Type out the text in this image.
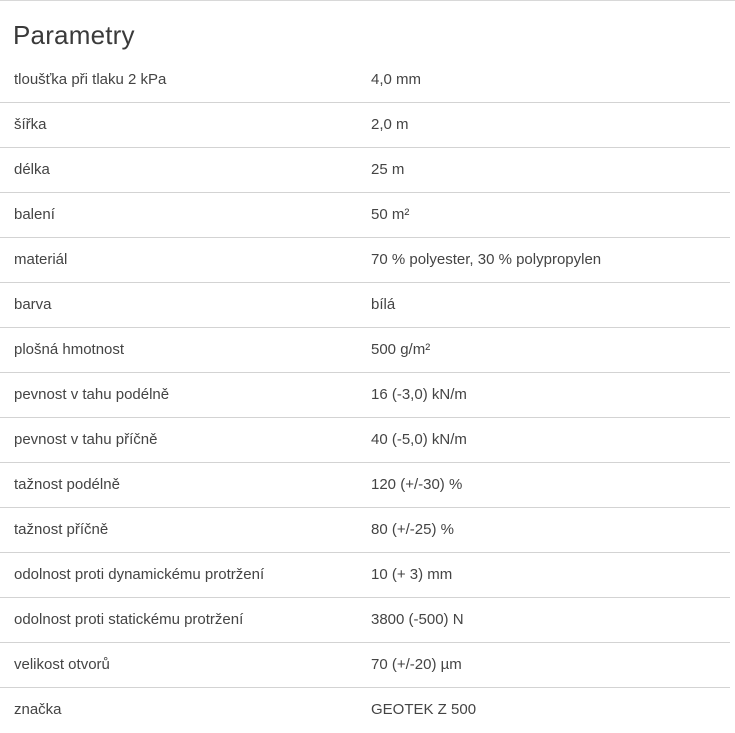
Parametry
tloušťka při tlaku 2 kPa	4,0 mm
šířka	2,0 m
délka	25 m
balení	50 m²
materiál	70 % polyester, 30 % polypropylen
barva	bílá
plošná hmotnost	500 g/m²
pevnost v tahu podélně	16 (-3,0) kN/m
pevnost v tahu příčně	40 (-5,0) kN/m
tažnost podélně	120 (+/-30) %
tažnost příčně	80 (+/-25) %
odolnost proti dynamickému protržení	10 (+ 3) mm
odolnost proti statickému protržení	3800 (-500) N
velikost otvorů	70 (+/-20) µm
značka	GEOTEK Z 500
